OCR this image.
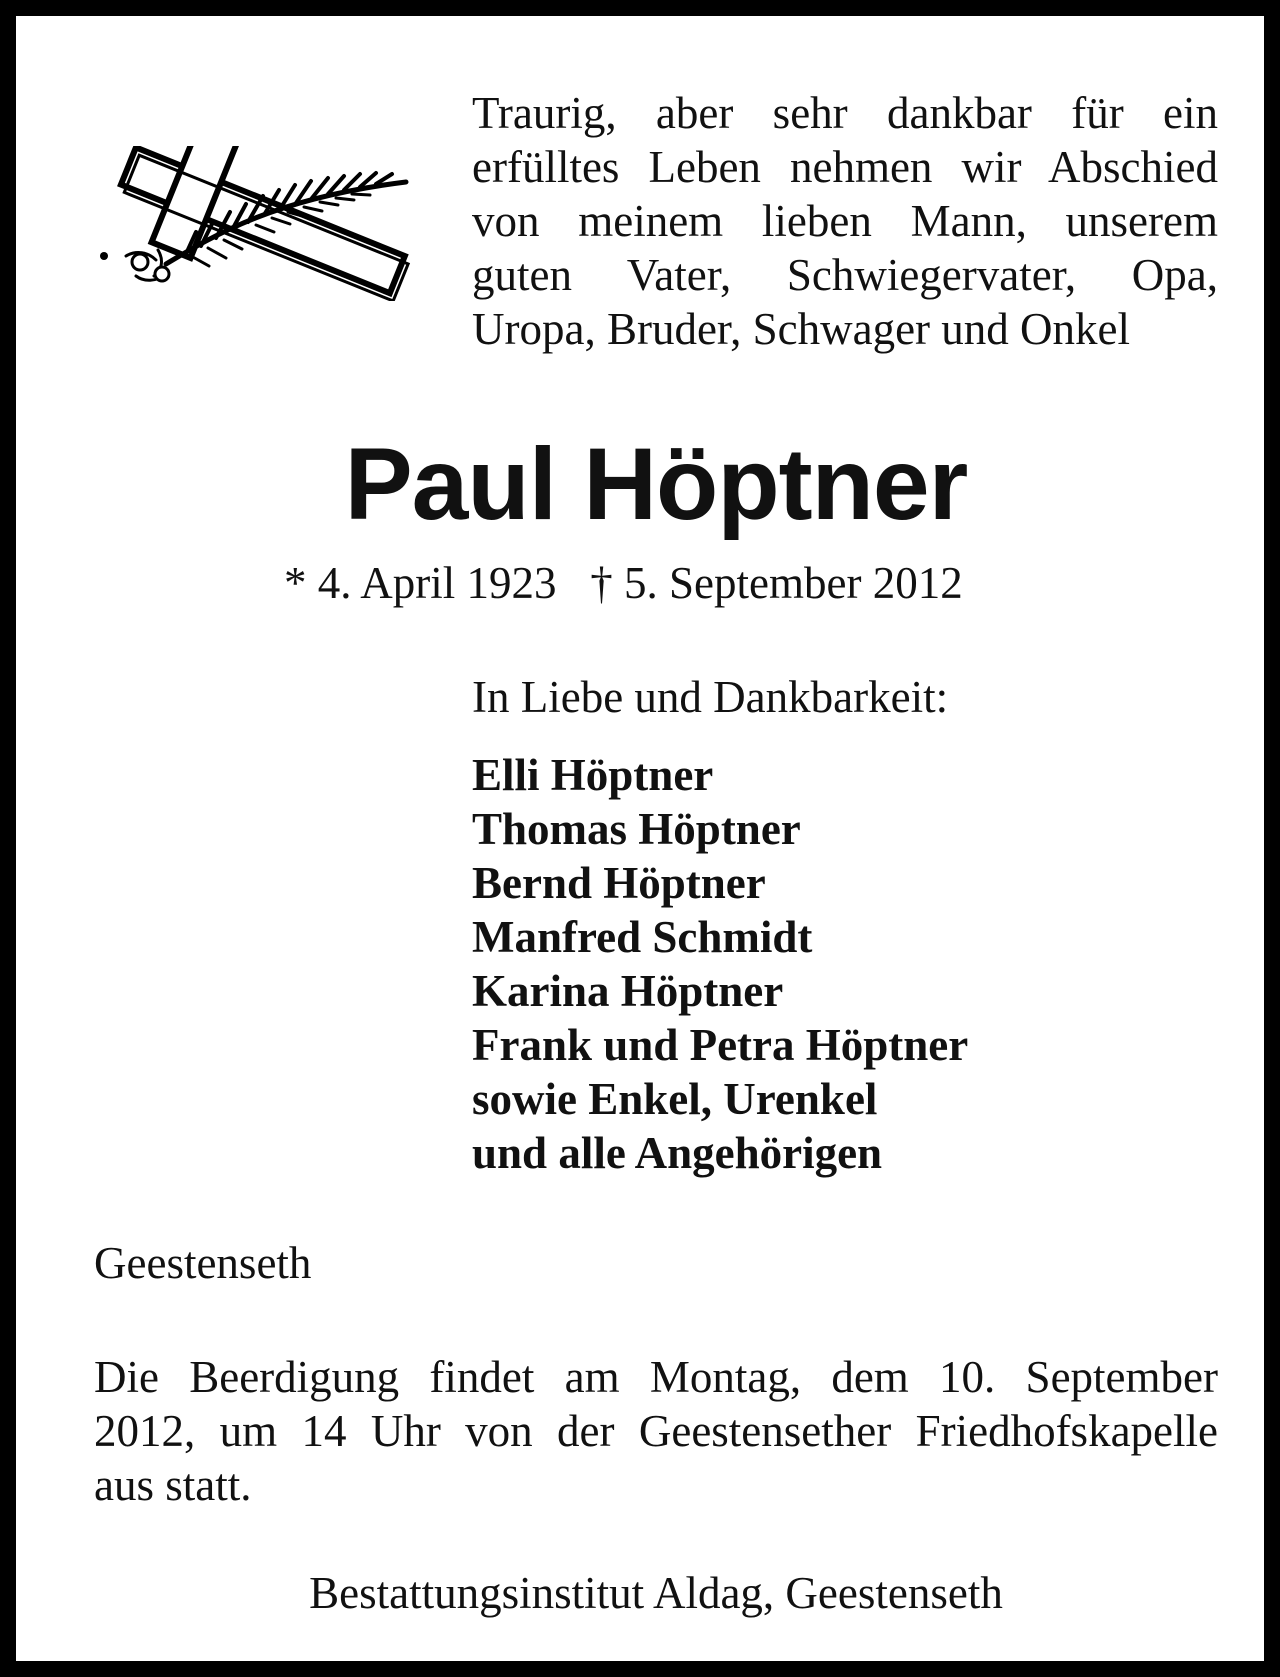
Traurig, aber sehr dankbar für ein
erfülltes Leben nehmen wir Abschied
von meinem lieben Mann, unserem
guten Vater, Schwiegervater, Opa,
Uropa, Bruder, Schwager und Onkel
Paul Höptner
* 4. April 1923 † 5. September 2012
In Liebe und Dankbarkeit:
Elli Höptner
Thomas Höptner
Bernd Höptner
Manfred Schmidt
Karina Höptner
Frank und Petra Höptner
sowie Enkel, Urenkel
und alle Angehörigen
Geestenseth
Die Beerdigung findet am Montag, dem 10. September
2012, um 14 Uhr von der Geestensether Friedhofskapelle
aus statt.
Bestattungsinstitut Aldag, Geestenseth
